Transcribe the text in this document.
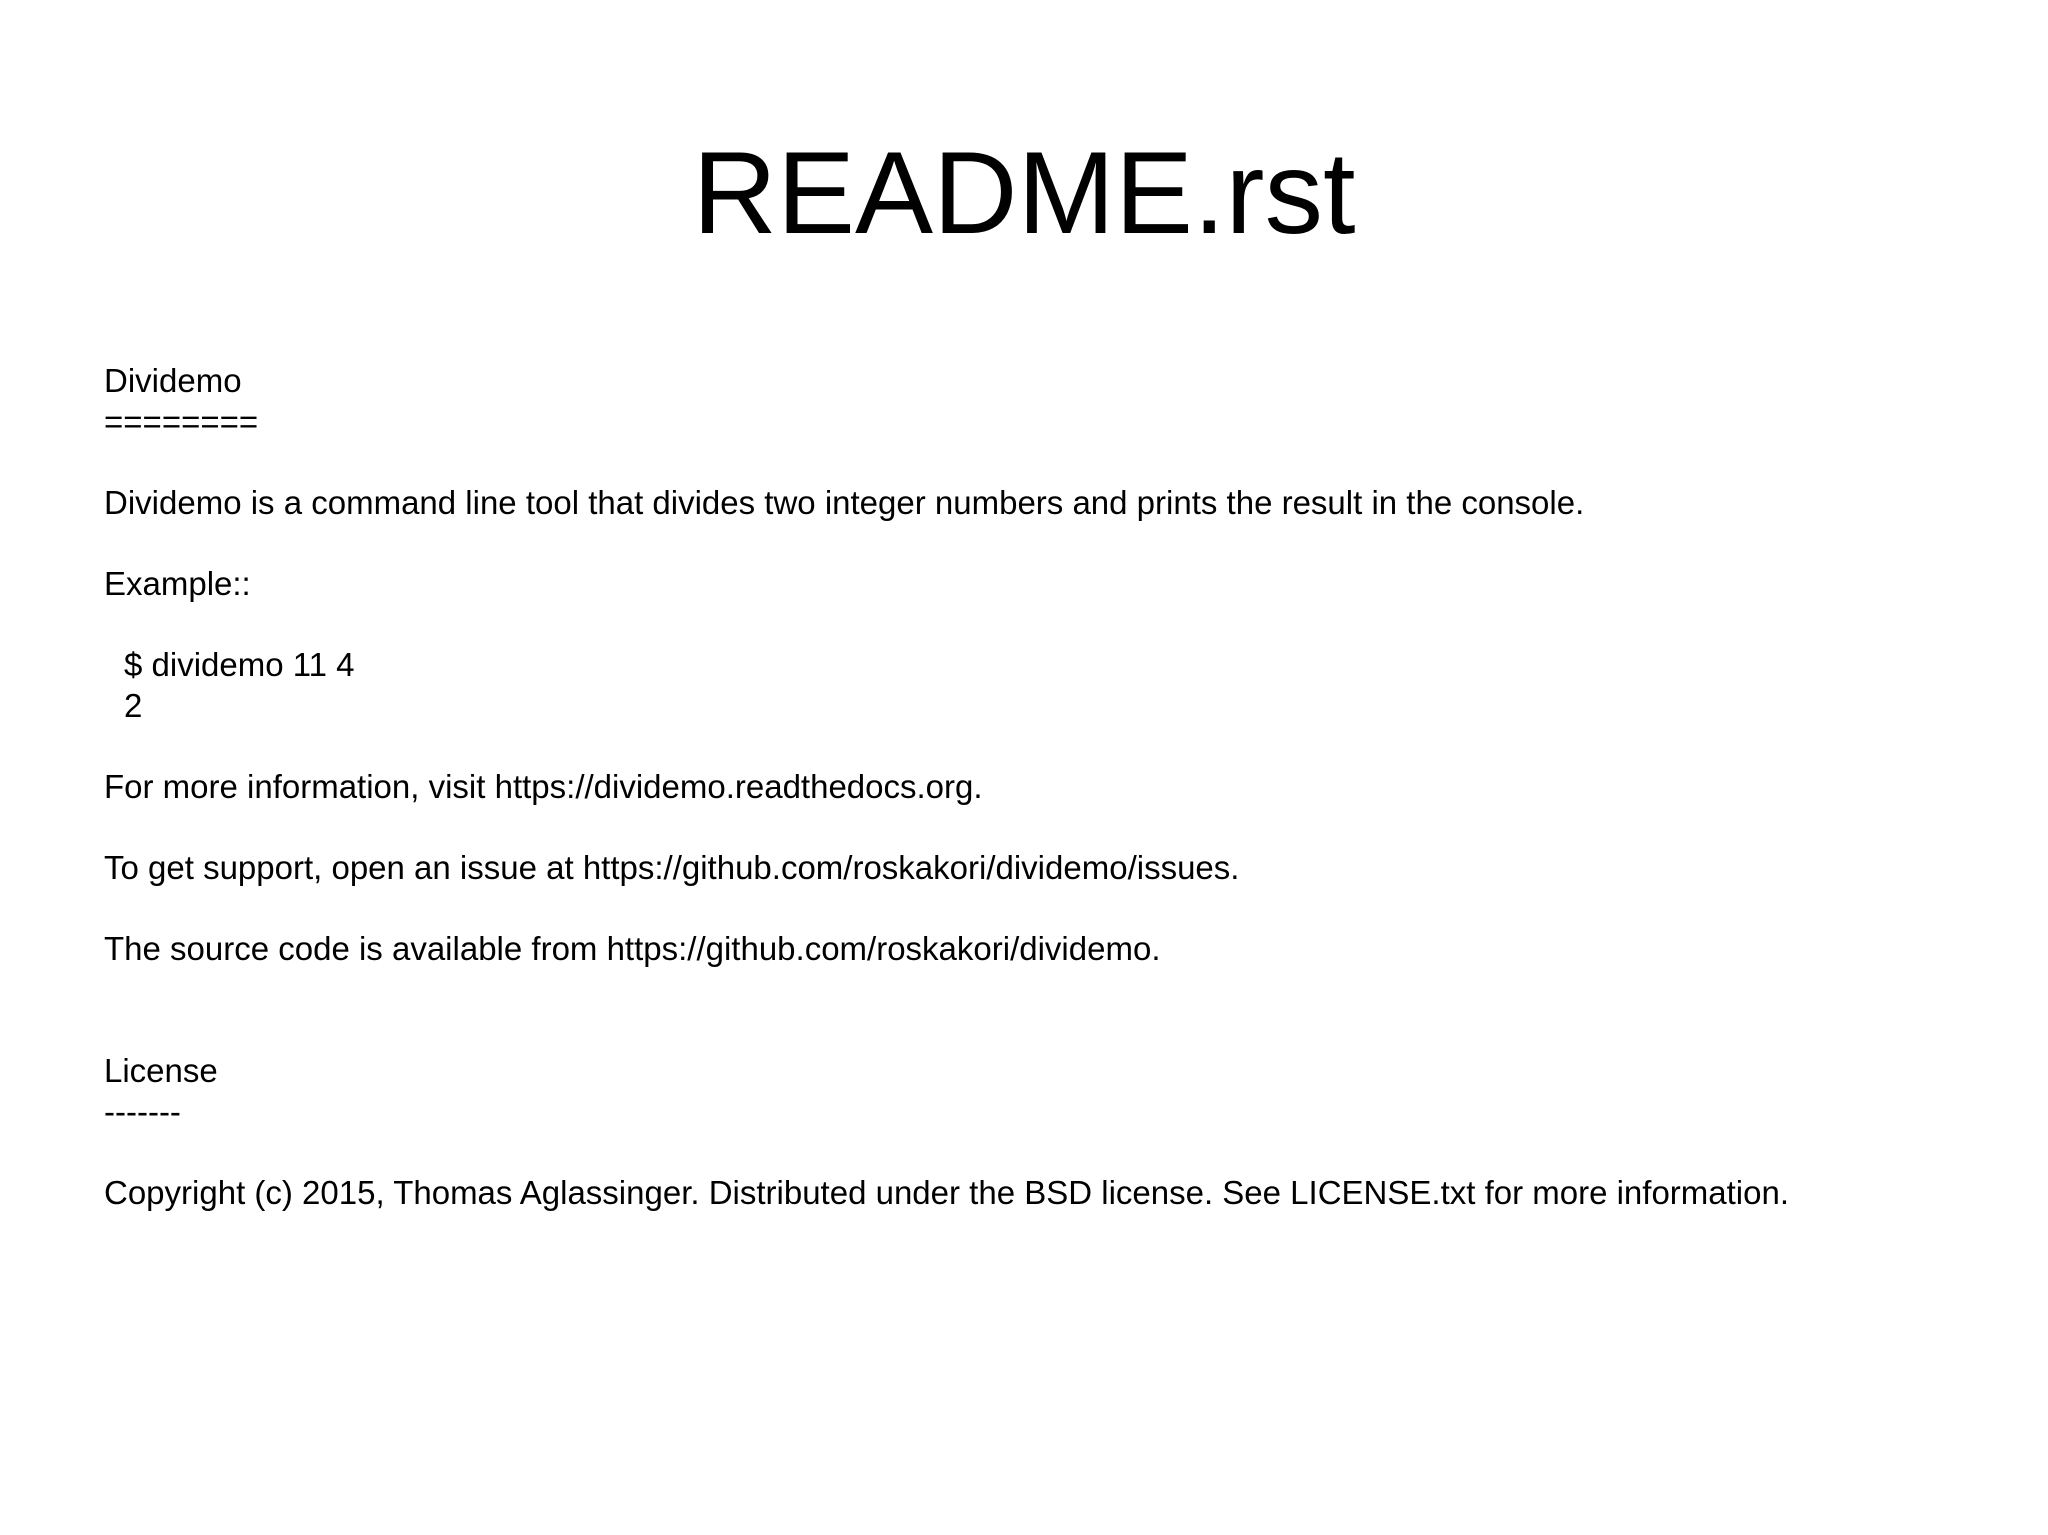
README.rst
Dividemo
========
Dividemo is a command line tool that divides two integer numbers and prints the result in the console.
Example::
$ dividemo 11 4
2
For more information, visit https://dividemo.readthedocs.org.
To get support, open an issue at https://github.com/roskakori/dividemo/issues.
The source code is available from https://github.com/roskakori/dividemo.
License
-------
Copyright (c) 2015, Thomas Aglassinger. Distributed under the BSD license. See LICENSE.txt for more information.
